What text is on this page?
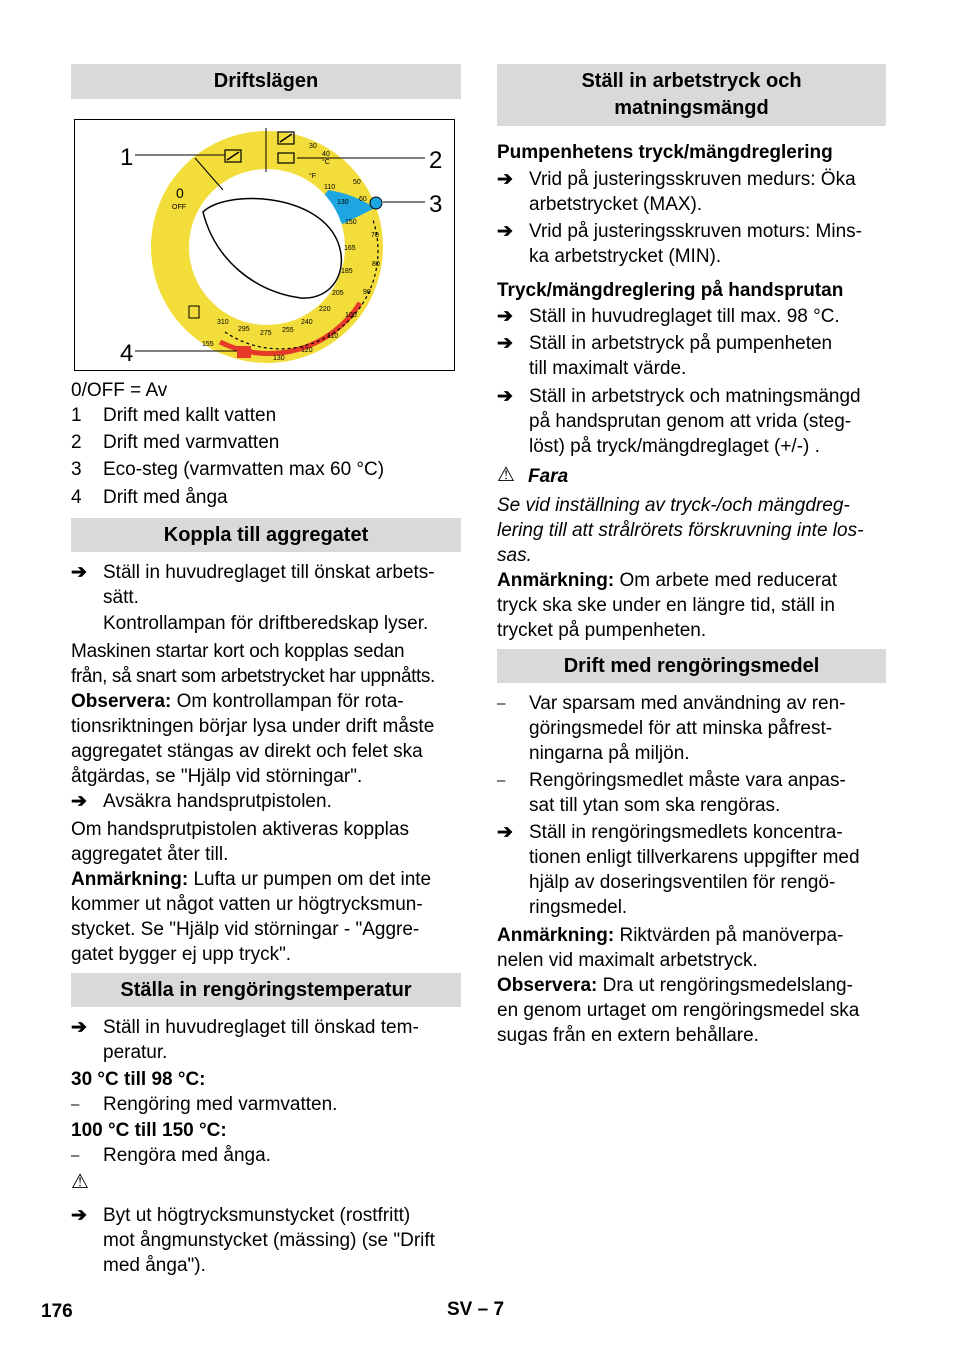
Driftslägen
30
40
°C
°F
50
110
130 60
150
70
165
80
185
205	90
220
100
240
110
255
120
275
130
295
310
155
0
OFF
1	2
3
4
0/OFF = Av
1 Drift med kallt vatten
2 Drift med varmvatten
3 Eco-steg (varmvatten max 60 °C)
4 Drift med ånga
Koppla till aggregatet
➔ Ställ in huvudreglaget till önskat arbets-
sätt.
Kontrollampan för driftberedskap lyser.
Maskinen startar kort och kopplas sedan
från, så snart som arbetstrycket har uppnåtts.
Observera: Om kontrollampan för rota-
tionsriktningen börjar lysa under drift måste
aggregatet stängas av direkt och felet ska
åtgärdas, se "Hjälp vid störningar".
➔ Avsäkra handsprutpistolen.
Om handsprutpistolen aktiveras kopplas
aggregatet åter till.
Anmärkning: Lufta ur pumpen om det inte
kommer ut något vatten ur högtrycksmun-
stycket. Se "Hjälp vid störningar - "Aggre-
gatet bygger ej upp tryck".
Ställa in rengöringstemperatur
➔ Ställ in huvudreglaget till önskad tem-
peratur.
30 °C till 98 °C:
– Rengöring med varmvatten.
100 °C till 150 °C:
– Rengöra med ånga.
⚠
➔ Byt ut högtrycksmunstycket (rostfritt)
mot ångmunstycket (mässing) (se "Drift
med ånga").
Ställ in arbetstryck och
matningsmängd
Pumpenhetens tryck/mängdreglering
➔ Vrid på justeringsskruven medurs: Öka
arbetstrycket (MAX).
➔ Vrid på justeringsskruven moturs: Mins-
ka arbetstrycket (MIN).
Tryck/mängdreglering på handsprutan
➔ Ställ in huvudreglaget till max. 98 °C.
➔ Ställ in arbetstryck på pumpenheten
till maximalt värde.
➔ Ställ in arbetstryck och matningsmängd
på handsprutan genom att vrida (steg-
löst) på tryck/mängdreglaget (+/-) .
⚠ Fara
Se vid inställning av tryck-/och mängdreg-
lering till att strålrörets förskruvning inte los-
sas.
Anmärkning: Om arbete med reducerat
tryck ska ske under en längre tid, ställ in
trycket på pumpenheten.
Drift med rengöringsmedel
– Var sparsam med användning av ren-
göringsmedel för att minska påfrest-
ningarna på miljön.
– Rengöringsmedlet måste vara anpas-
sat till ytan som ska rengöras.
➔ Ställ in rengöringsmedlets koncentra-
tionen enligt tillverkarens uppgifter med
hjälp av doseringsventilen för rengö-
ringsmedel.
Anmärkning: Riktvärden på manöverpa-
nelen vid maximalt arbetstryck.
Observera: Dra ut rengöringsmedelslang-
en genom urtaget om rengöringsmedel ska
sugas från en extern behållare.
176	SV – 7
